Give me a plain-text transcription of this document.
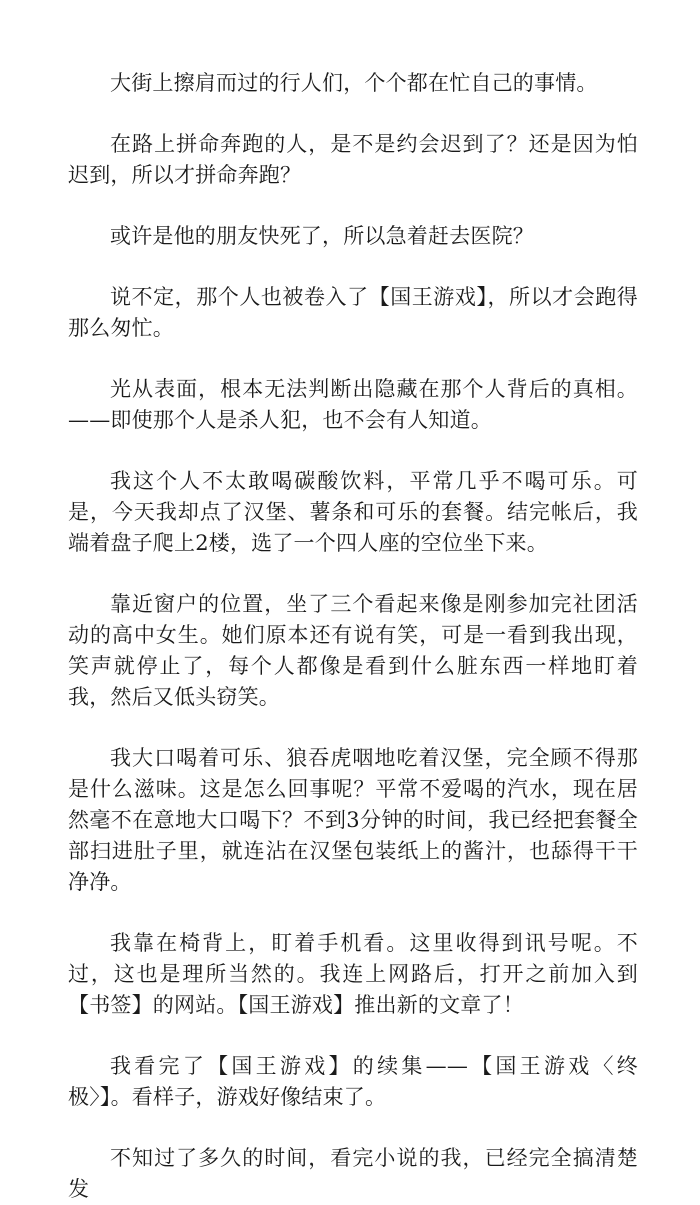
大街上擦肩而过的行人们，个个都在忙自己的事情。

在路上拼命奔跑的人，是不是约会迟到了？还是因为怕迟到，所以才拼命奔跑？

或许是他的朋友快死了，所以急着赶去医院？

说不定，那个人也被卷入了【国王游戏】，所以才会跑得那么匆忙。

光从表面，根本无法判断出隐藏在那个人背后的真相。——即使那个人是杀人犯，也不会有人知道。

我这个人不太敢喝碳酸饮料，平常几乎不喝可乐。可是，今天我却点了汉堡、薯条和可乐的套餐。结完帐后，我端着盘子爬上2楼，选了一个四人座的空位坐下来。

靠近窗户的位置，坐了三个看起来像是刚参加完社团活动的高中女生。她们原本还有说有笑，可是一看到我出现，笑声就停止了，每个人都像是看到什么脏东西一样地盯着我，然后又低头窃笑。

我大口喝着可乐、狼吞虎咽地吃着汉堡，完全顾不得那是什么滋味。这是怎么回事呢？平常不爱喝的汽水，现在居然毫不在意地大口喝下？不到3分钟的时间，我已经把套餐全部扫进肚子里，就连沾在汉堡包装纸上的酱汁，也舔得干干净净。

我靠在椅背上，盯着手机看。这里收得到讯号呢。不过，这也是理所当然的。我连上网路后，打开之前加入到【书签】的网站。【国王游戏】推出新的文章了！

我看完了【国王游戏】的续集——【国王游戏〈终极〉】。看样子，游戏好像结束了。

不知过了多久的时间，看完小说的我，已经完全搞清楚发
